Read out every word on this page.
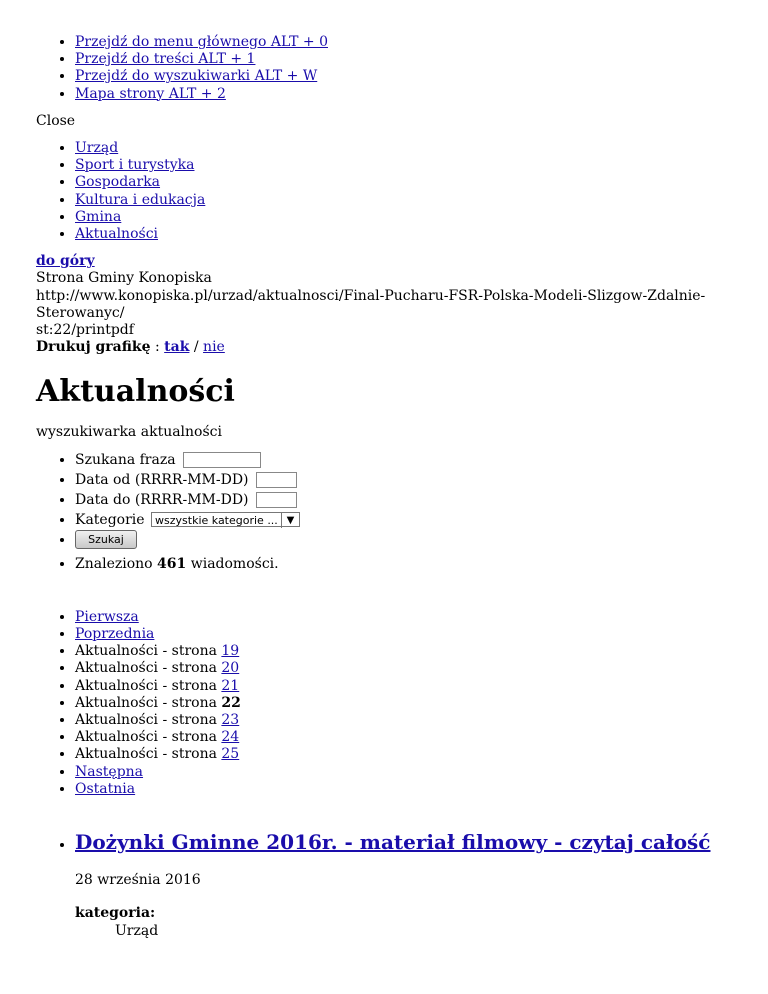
• Przejdź do menu głównego ALT + 0
• Przejdź do treści ALT + 1
• Przejdź do wyszukiwarki ALT + W
• Mapa strony ALT + 2
Close
• Urząd
• Sport i turystyka
• Gospodarka
• Kultura i edukacja
• Gmina
• Aktualności

do góry

Strona Gminy Konopiska

http://www.konopiska.pl/urzad/aktualnosci/Final-Pucharu-FSR-Polska-Modeli-Slizgow-Zdalnie-Sterowanyc/

st:22/printpdf

Drukuj grafikę : tak / nie

Aktualności
wyszukiwarka aktualności
• Szukana fraza
• Data od (RRRR-MM-DD)
• Data do (RRRR-MM-DD)
• Kategorie wszystkie kategorie ... ▼
• Szukaj
• Znaleziono 461 wiadomości.
• Pierwsza
• Poprzednia
• Aktualności - strona 19
• Aktualności - strona 20
• Aktualności - strona 21
• Aktualności - strona 22
• Aktualności - strona 23
• Aktualności - strona 24
• Aktualności - strona 25
• Następna
• Ostatnia
• Dożynki Gminne 2016r. - materiał filmowy - czytaj całość

28 września 2016

kategoria:
Urząd
